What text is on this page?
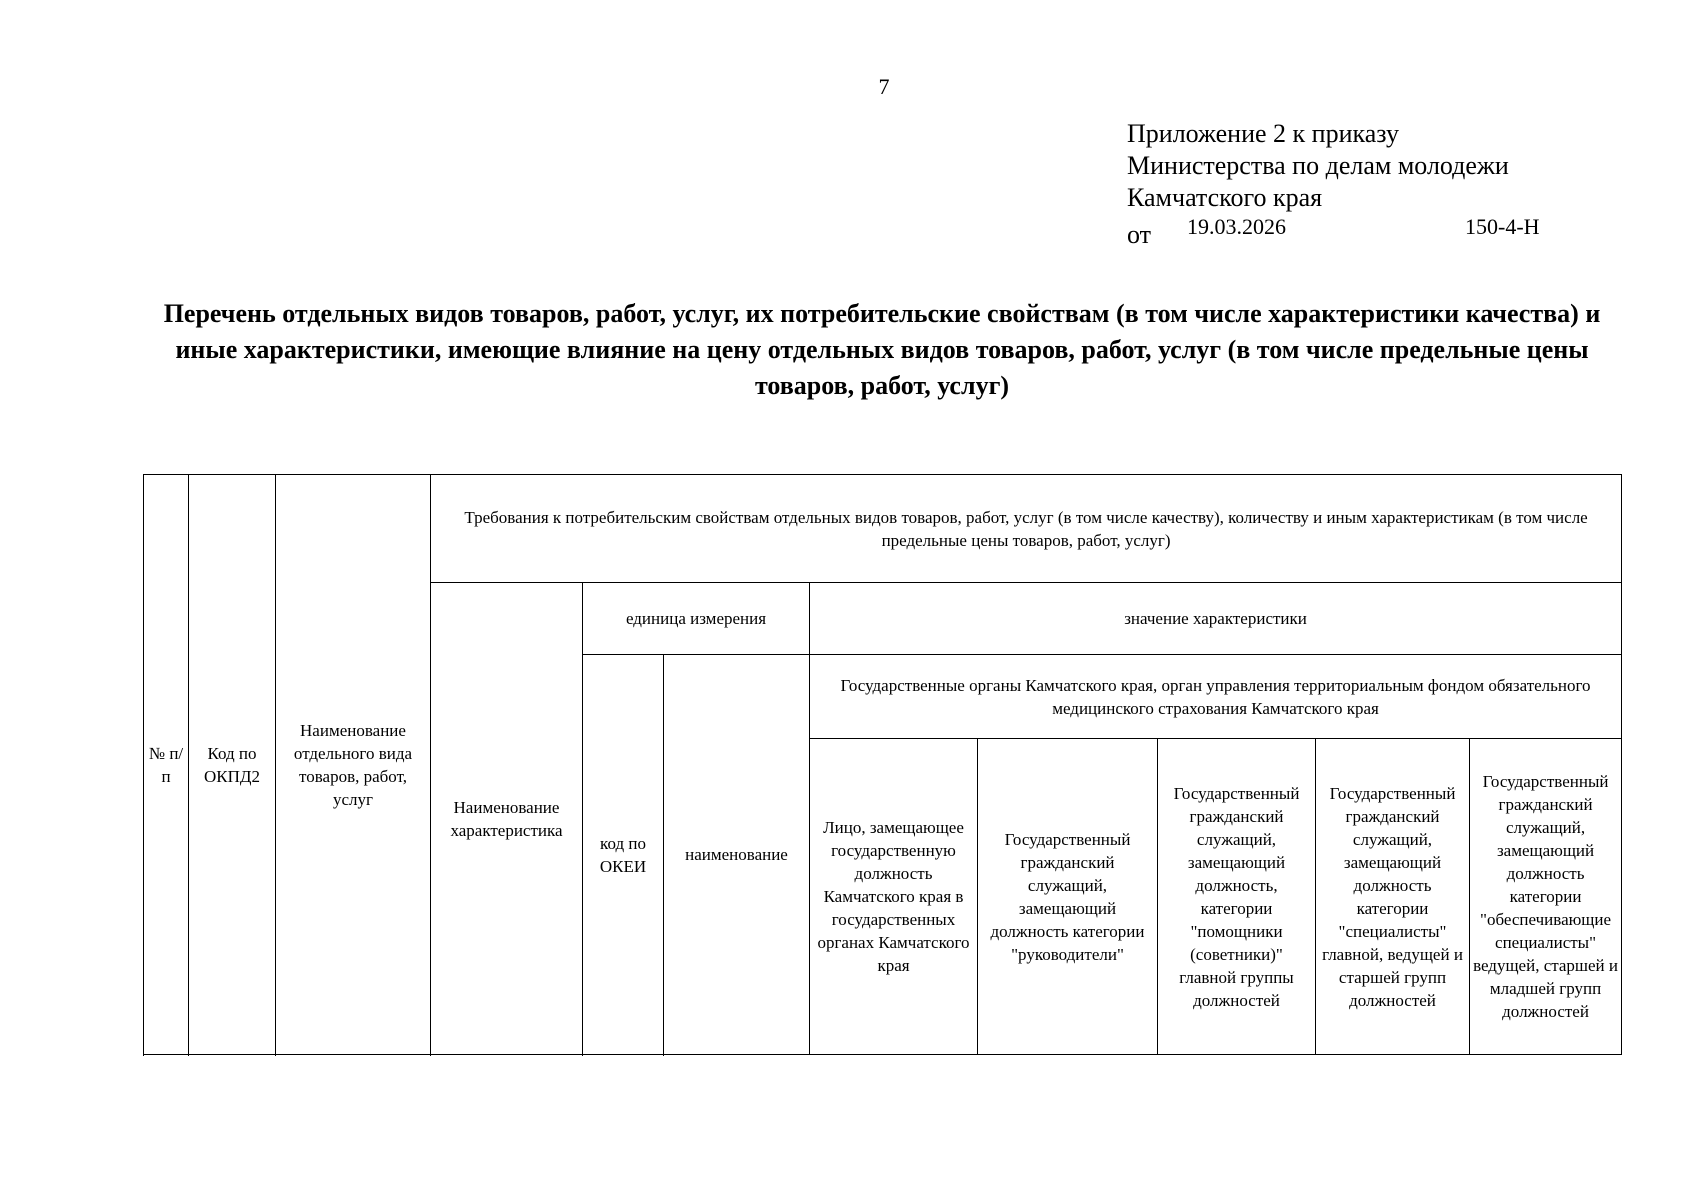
7
Приложение 2 к приказу
Министерства по делам молодежи
Камчатского края
от 19.03.2026	150-4-Н
Перечень отдельных видов товаров, работ, услуг, их потребительские свойствам (в том числе характеристики качества) и иные характеристики, имеющие влияние на цену отдельных видов товаров, работ, услуг (в том числе предельные цены товаров, работ, услуг)
№ п/п	Код по ОКПД2	Наименование отдельного вида товаров, работ, услуг	Требования к потребительским свойствам отдельных видов товаров, работ, услуг (в том числе качеству), количеству и иным характеристикам (в том числе предельные цены товаров, работ, услуг)							
			Наименование характеристика	единица измерения		значение характеристики				
				код по ОКЕИ	наименование	Государственные органы Камчатского края, орган управления территориальным фондом обязательного медицинского страхования Камчатского края				
						Лицо, замещающее государственную должность Камчатского края в государственных органах Камчатского края	Государственный гражданский служащий, замещающий должность категории "руководители"	Государственный гражданский служащий, замещающий должность, категории "помощники (советники)" главной группы должностей	Государственный гражданский служащий, замещающий должность категории "специалисты" главной, ведущей и старшей групп должностей	Государственный гражданский служащий, замещающий должность категории "обеспечивающие специалисты" ведущей, старшей и младшей групп должностей
